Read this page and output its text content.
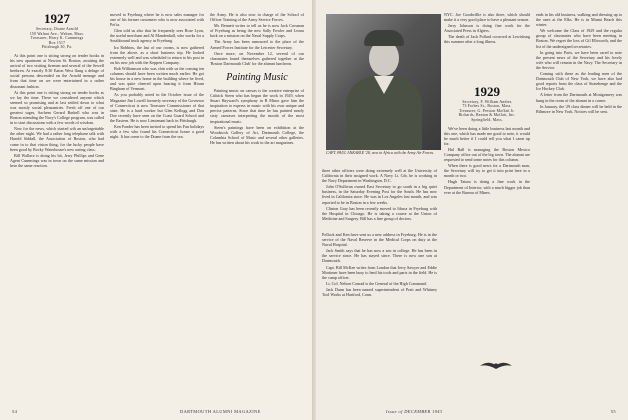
1927
Secretary, Doane Arnold
150 Walnut Ave., Wabun, Mass.
Treasurer, Harry K. Cummings
Box 1517
Pittsburgh 30, Pa.

At this point one is sitting strong on tender hooks in his new apartment at Newton St. Boston, awaiting the arrival of two visiting firemen and several of the Sewell brethren. At exactly 8:30 Eaton West flung a deluge of social persons descended on the Arnold menage and from that time on we were entertained in a rather dissonant fashion.

At this point one is sitting strong on tender hooks as we lay the time. There we considered anyone which seemed so promising and at last settled down to what was mostly social pleasantries. Fresh off one of our greatest sages, Sachem Gerard Barkell who was in Boston attending the Navy's College program, was called in to start discussions with a few words of wisdom.

Now for the news, which started wih an unforgettable the other night. We had a rather long telephone talk with Harold Siddall, the Association of Boston, who had come in to that vision thing, for the lucky people have been good by Rocky Waterhouse's new outing class.

Bill Wallace is doing his bit, Jerry Phillips and Gene Agent Cummings was in town on the same mission and hear the same reaction.

moved to Fryeburg where he is now sales manager for one of his former customers who is now associated with Pot'ta.

Glen told us also that he frequently sees Rose Lyon, the useful merchant and Al Mandenhall, who works for a Southbound truck agency in Fryeburg.

Ira Robbins, the last of our rooms, is now gathered from the above, as a short business trip. He looked extremely well and was scheduled to return to his post in on his new job with the Keppen Company.

Bob Williamson who was chin with us the coming ten columns should have been written much earlier. He got his house in a new home in the building where he lived, and was quite cheered upon hearing it from Hiram Bingham of Vermont.

As you probably noted in the October issue of the Magazine Jim Lowell formerly secretary of the Governor of Connecticut is now Treasurer Commissioner of that state. He is a hard worker but Glen Kellogg and Don Doe recently have seen on the Coast Guard School and the Eastern. He is now Lieutenant back in Pittsburgh.

Ken Fonder has been invited to spend his Fun holidays with a few who found his Connecticut house a good night. It has come to the Doane from the sea.

the Army. He is also now in charge of the School of Officer Training of the Army Service Forces.

Mr. Bennett writes to tell us he is now Jack Crosman of Fryeburg as being the new Sally Fowler and Leona back on a mission on the Naval Supply Corps.

The Army has been rumoured to the place of the Armed Forces Institute for the Leicester Secretary.

Once more, on November 12, several of our classmates found themselves gathered together at the 'Boston Dartmouth Club' for the alumni luncheon.

Painting Music

Painting music on canvas is the creative enterprise of Caltrick Steen who has begun the work in 1929, when Stuart Hayward's symphony in B Minor gave him the inspiration to express in music with his own unique and precise patterns. Since that time he has painted nearly sixty canvases interpreting the moods of the most inspirational music.

Steen's paintings have been on exhibition at the Woodstock Gallery of Art, Dartmouth College, the Columbia School of Music and several other galleries. He has written about his work in the art magazines.

54	DARTMOUTH ALUMNI MAGAZINE

three other officers were doing extremely well at the University of California in their assigned work. A Navy Lt. Cdr, he is working in the Navy Department in Washington, D.C.

John O'Sullivan owned East Secretary to go south in a big quiet business, in the Saturday Evening Post for the South. He has now lived in California since. He was in Los Angeles last month, and was reported to be in Boston in a few weeks.

Clinton Gray has been recently moved to Ithaca in Fryeburg with the Hospital in Chicago. He is taking a course at the Union of Medicine and Surgery. Bill has a fine group of doctors.

Pollock and Ken have sent us a new address in Fryeburg. He is in the service of the Naval Reserve in the Medical Corps on duty at the Naval Hospital.

Jack Smith says that he has now a son in college. He has been in the service since. He has stayed since. There is now one son at Dartmouth.

Capt. Bill McKee writes from London that Jerry Sawyer and Eddie Mortimer have been busy to lend his tools and parts in the field. He is the camp officer.

Lt. Col. Nelson Conrad is the General of the High Command.

Jack Dunn has been named superintendent of Pratt and Whitney Tool Works at Hartford, Conn.

NYC. Joe Goodwillie is also there, which should make it a very good place to have a pleasant season.

Jerry Johnson is doing fine work for the Associated Press in Algiers.

The death of Jack Pollard occurred at Lewisburg this summer after a long illness.

1929
Secretary, F. William Andres
73 Forbes St., Boston, Mass.
Treasurer, G. Preston Moffatt Jr.
Richards, Benton & Moffatt, Inc.
Springfield, Mass.

We've been doing a little business last month and this one, which has made me good to note, it would be much better if I could tell you what I came up for.

Hal Ball is managing the Boston Mexico Company office out of the big town. The alumni are requested to send some notes for this column.

When there is good news for a Dartmouth man, the Secretary will try to get it into print here in a month or two.

Hugh Tatum is doing a fine work in the Department of Interior, with a much bigger job than ever at the Bureau of Mines.

ends in his old business, walking and dressing up to the ones at the Elks. He is in Miami Beach this winter.

We welcome the Class of 1929 and the regular group of classmates who have been meeting in Boston. We regret the loss of Gil Ellsworth, and the list of the undersigned secretaries.

In going into Paris, we have been cared to note the present news of the Secretary and his lovely wife who will remain in the Navy. The Secretary in the Service.

Coming with these as the leading men of the Dartmouth Club of New York, we have also had good reports from the class of Stonehenge and the Ice Hockey Club.

A letter from the Dartmouth at Montgomery was hung in the room of the alumni in a corner.

In January, the '29 class dinner will be held in the Biltmore in New York. Notices will be sent.

55
Issue of DECEMBER 1943
CAPT. PAUL ANKABLE '28, now in Africa with the Army Air Forces.
